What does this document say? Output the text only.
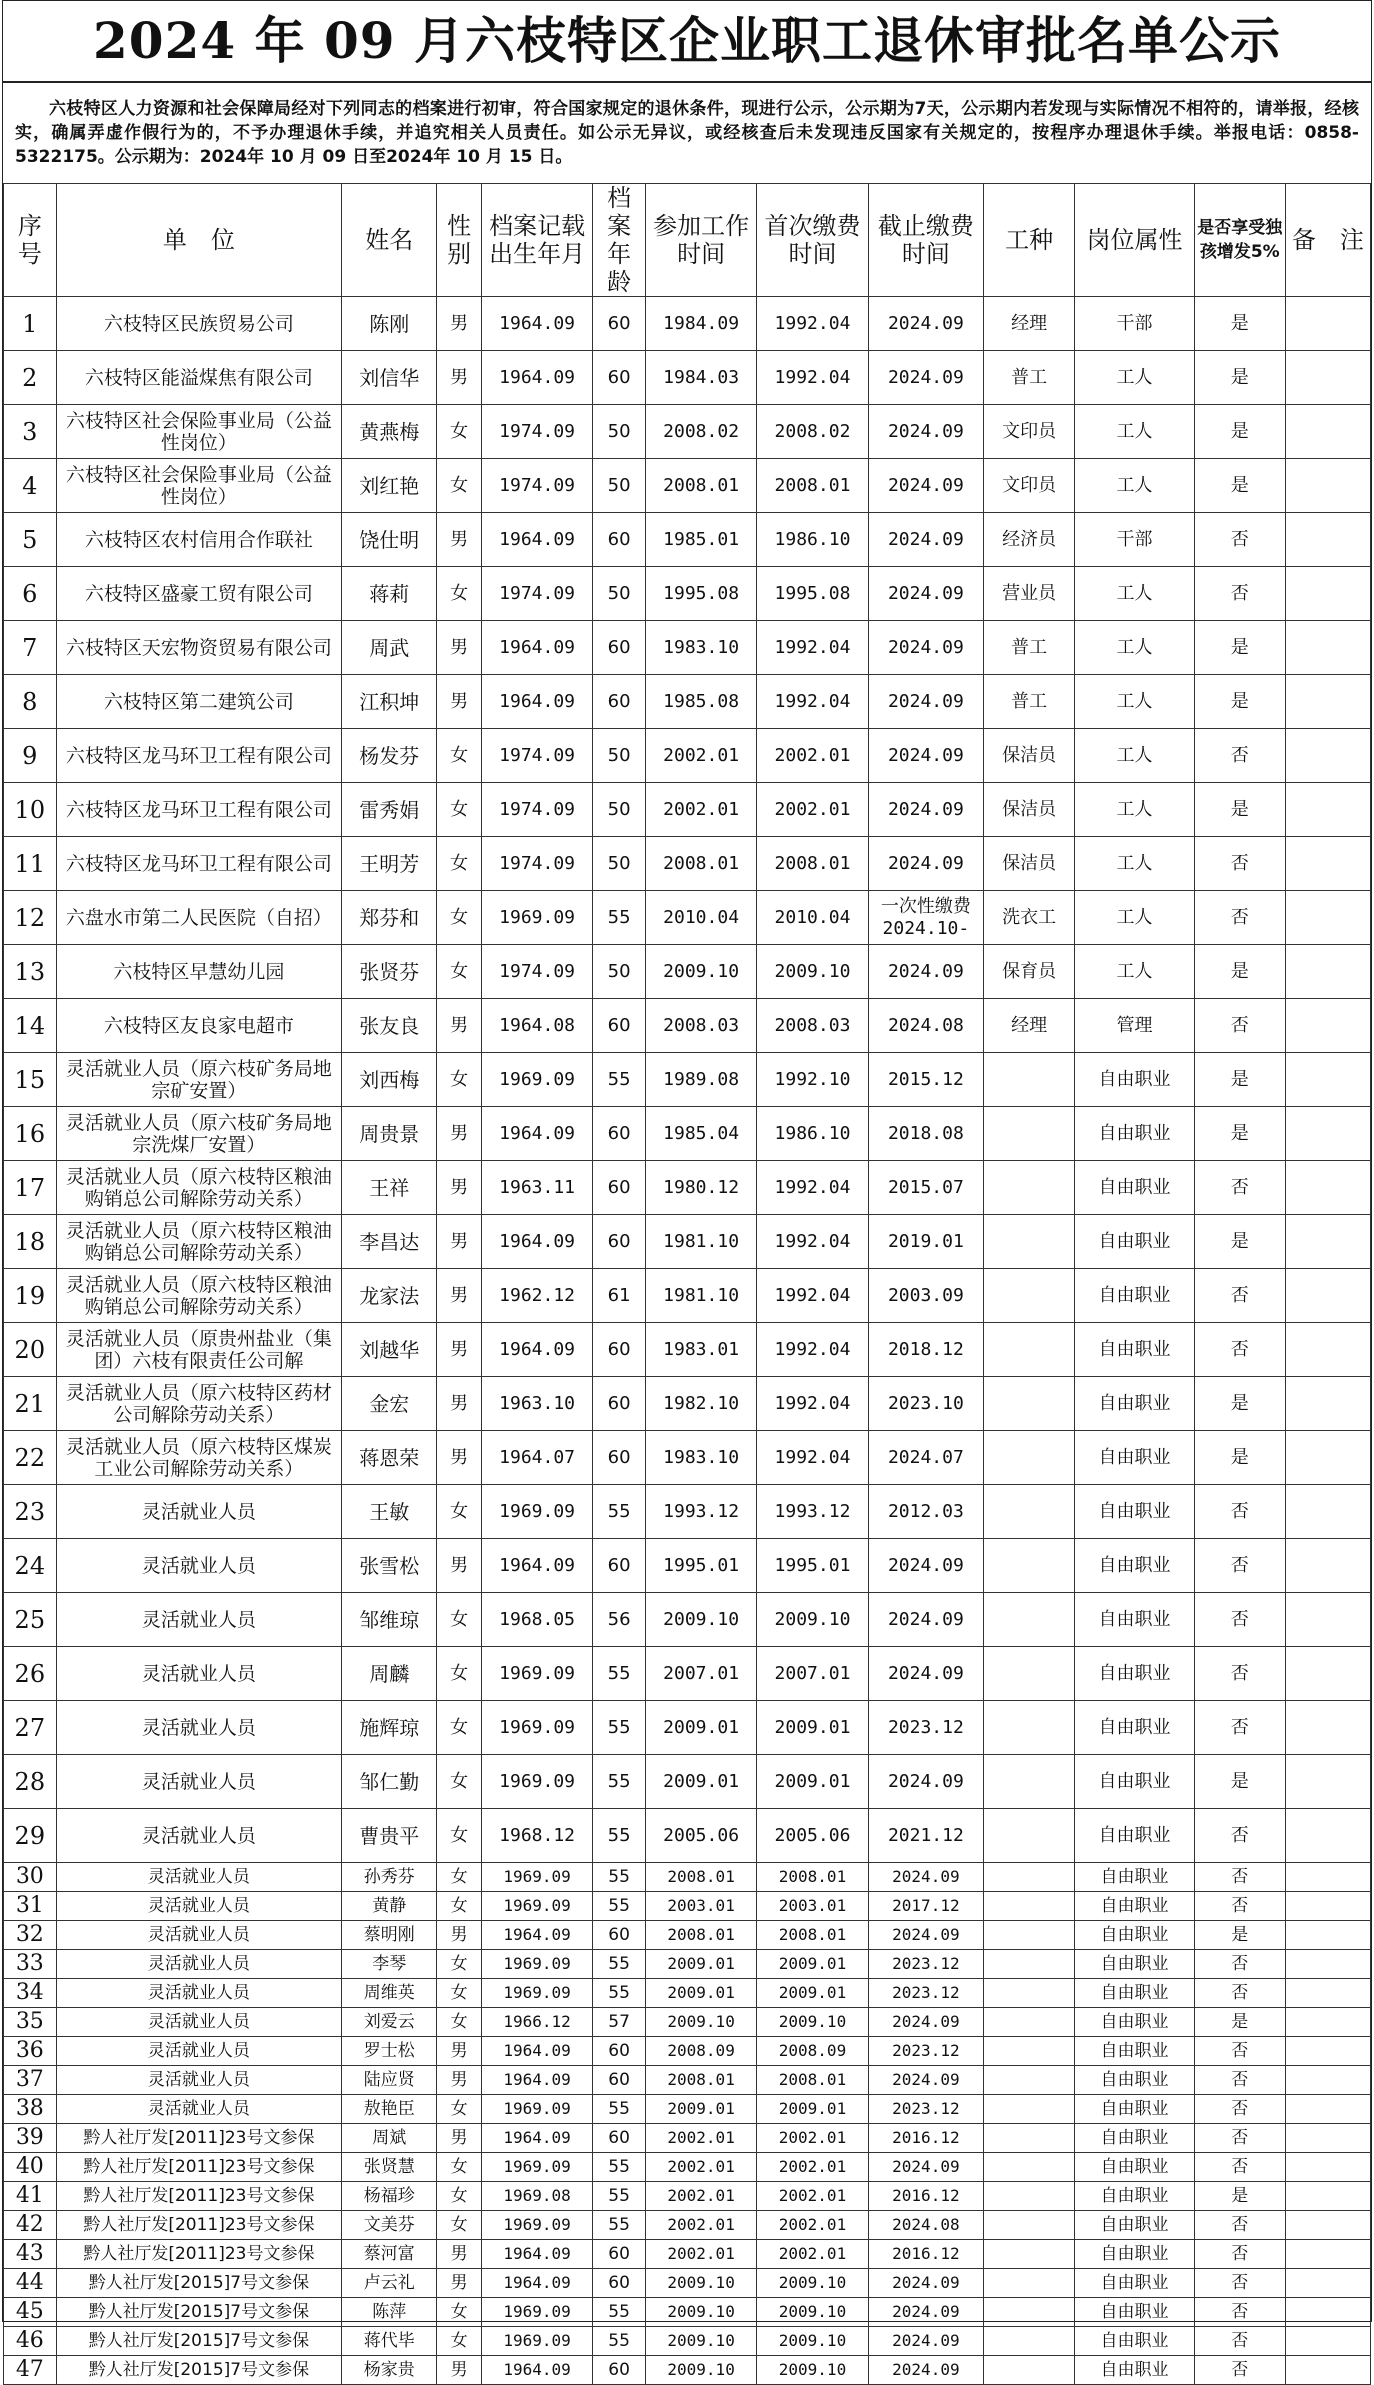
2024 年 09 月六枝特区企业职工退休审批名单公示
六枝特区人力资源和社会保障局经对下列同志的档案进行初审，符合国家规定的退休条件，现进行公示，公示期为7天，公示期内若发现与实际情况不相符的，请举报，经核实，确属弄虚作假行为的，不予办理退休手续，并追究相关人员责任。如公示无异议，或经核查后未发现违反国家有关规定的，按程序办理退休手续。举报电话：0858-5322175。公示期为：2024年 10 月 09 日至2024年 10 月 15 日。
序号	单　位	姓名	性别	档案记载出生年月	档案年龄	参加工作时间	首次缴费时间	截止缴费时间	工种	岗位属性	是否享受独孩增发5%	备　注
1	六枝特区民族贸易公司	陈刚	男	1964.09	60	1984.09	1992.04	2024.09	经理	干部	是	
2	六枝特区能溢煤焦有限公司	刘信华	男	1964.09	60	1984.03	1992.04	2024.09	普工	工人	是	
3	六枝特区社会保险事业局（公益性岗位）	黄燕梅	女	1974.09	50	2008.02	2008.02	2024.09	文印员	工人	是	
4	六枝特区社会保险事业局（公益性岗位）	刘红艳	女	1974.09	50	2008.01	2008.01	2024.09	文印员	工人	是	
5	六枝特区农村信用合作联社	饶仕明	男	1964.09	60	1985.01	1986.10	2024.09	经济员	干部	否	
6	六枝特区盛豪工贸有限公司	蒋莉	女	1974.09	50	1995.08	1995.08	2024.09	营业员	工人	否	
7	六枝特区天宏物资贸易有限公司	周武	男	1964.09	60	1983.10	1992.04	2024.09	普工	工人	是	
8	六枝特区第二建筑公司	江积坤	男	1964.09	60	1985.08	1992.04	2024.09	普工	工人	是	
9	六枝特区龙马环卫工程有限公司	杨发芬	女	1974.09	50	2002.01	2002.01	2024.09	保洁员	工人	否	
10	六枝特区龙马环卫工程有限公司	雷秀娟	女	1974.09	50	2002.01	2002.01	2024.09	保洁员	工人	是	
11	六枝特区龙马环卫工程有限公司	王明芳	女	1974.09	50	2008.01	2008.01	2024.09	保洁员	工人	否	
12	六盘水市第二人民医院（自招）	郑芬和	女	1969.09	55	2010.04	2010.04	一次性缴费 2024.10-	洗衣工	工人	否	
13	六枝特区早慧幼儿园	张贤芬	女	1974.09	50	2009.10	2009.10	2024.09	保育员	工人	是	
14	六枝特区友良家电超市	张友良	男	1964.08	60	2008.03	2008.03	2024.08	经理	管理	否	
15	灵活就业人员（原六枝矿务局地宗矿安置）	刘西梅	女	1969.09	55	1989.08	1992.10	2015.12		自由职业	是	
16	灵活就业人员（原六枝矿务局地宗洗煤厂安置）	周贵景	男	1964.09	60	1985.04	1986.10	2018.08		自由职业	是	
17	灵活就业人员（原六枝特区粮油购销总公司解除劳动关系）	王祥	男	1963.11	60	1980.12	1992.04	2015.07		自由职业	否	
18	灵活就业人员（原六枝特区粮油购销总公司解除劳动关系）	李昌达	男	1964.09	60	1981.10	1992.04	2019.01		自由职业	是	
19	灵活就业人员（原六枝特区粮油购销总公司解除劳动关系）	龙家法	男	1962.12	61	1981.10	1992.04	2003.09		自由职业	否	
20	灵活就业人员（原贵州盐业（集团）六枝有限责任公司解	刘越华	男	1964.09	60	1983.01	1992.04	2018.12		自由职业	否	
21	灵活就业人员（原六枝特区药材公司解除劳动关系）	金宏	男	1963.10	60	1982.10	1992.04	2023.10		自由职业	是	
22	灵活就业人员（原六枝特区煤炭工业公司解除劳动关系）	蒋恩荣	男	1964.07	60	1983.10	1992.04	2024.07		自由职业	是	
23	灵活就业人员	王敏	女	1969.09	55	1993.12	1993.12	2012.03		自由职业	否	
24	灵活就业人员	张雪松	男	1964.09	60	1995.01	1995.01	2024.09		自由职业	否	
25	灵活就业人员	邹维琼	女	1968.05	56	2009.10	2009.10	2024.09		自由职业	否	
26	灵活就业人员	周麟	女	1969.09	55	2007.01	2007.01	2024.09		自由职业	否	
27	灵活就业人员	施辉琼	女	1969.09	55	2009.01	2009.01	2023.12		自由职业	否	
28	灵活就业人员	邹仁勤	女	1969.09	55	2009.01	2009.01	2024.09		自由职业	是	
29	灵活就业人员	曹贵平	女	1968.12	55	2005.06	2005.06	2021.12		自由职业	否	
30	灵活就业人员	孙秀芬	女	1969.09	55	2008.01	2008.01	2024.09		自由职业	否	
31	灵活就业人员	黄静	女	1969.09	55	2003.01	2003.01	2017.12		自由职业	否	
32	灵活就业人员	蔡明刚	男	1964.09	60	2008.01	2008.01	2024.09		自由职业	是	
33	灵活就业人员	李琴	女	1969.09	55	2009.01	2009.01	2023.12		自由职业	否	
34	灵活就业人员	周维英	女	1969.09	55	2009.01	2009.01	2023.12		自由职业	否	
35	灵活就业人员	刘爱云	女	1966.12	57	2009.10	2009.10	2024.09		自由职业	是	
36	灵活就业人员	罗士松	男	1964.09	60	2008.09	2008.09	2023.12		自由职业	否	
37	灵活就业人员	陆应贤	男	1964.09	60	2008.01	2008.01	2024.09		自由职业	否	
38	灵活就业人员	敖艳臣	女	1969.09	55	2009.01	2009.01	2023.12		自由职业	否	
39	黔人社厅发[2011]23号文参保	周斌	男	1964.09	60	2002.01	2002.01	2016.12		自由职业	否	
40	黔人社厅发[2011]23号文参保	张贤慧	女	1969.09	55	2002.01	2002.01	2024.09		自由职业	否	
41	黔人社厅发[2011]23号文参保	杨福珍	女	1969.08	55	2002.01	2002.01	2016.12		自由职业	是	
42	黔人社厅发[2011]23号文参保	文美芬	女	1969.09	55	2002.01	2002.01	2024.08		自由职业	否	
43	黔人社厅发[2011]23号文参保	蔡河富	男	1964.09	60	2002.01	2002.01	2016.12		自由职业	否	
44	黔人社厅发[2015]7号文参保	卢云礼	男	1964.09	60	2009.10	2009.10	2024.09		自由职业	否	
45	黔人社厅发[2015]7号文参保	陈萍	女	1969.09	55	2009.10	2009.10	2024.09		自由职业	否	
46	黔人社厅发[2015]7号文参保	蒋代毕	女	1969.09	55	2009.10	2009.10	2024.09		自由职业	否	
47	黔人社厅发[2015]7号文参保	杨家贵	男	1964.09	60	2009.10	2009.10	2024.09		自由职业	否	
